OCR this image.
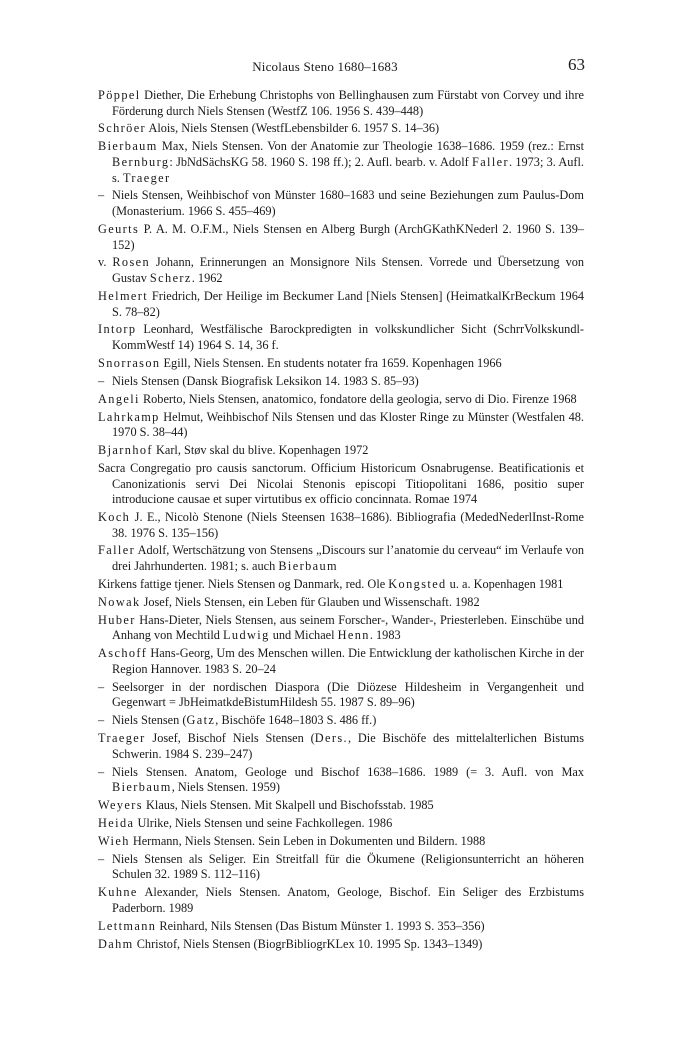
Nicolaus Steno 1680–1683	63

Pöppel Diether, Die Erhebung Christophs von Bellinghausen zum Fürstabt von Corvey und ihre Förderung durch Niels Stensen (WestfZ 106. 1956 S. 439–448)

Schröer Alois, Niels Stensen (WestfLebensbilder 6. 1957 S. 14–36)

Bierbaum Max, Niels Stensen. Von der Anatomie zur Theologie 1638–1686. 1959 (rez.: Ernst Bernburg: JbNdSächsKG 58. 1960 S. 198 ff.); 2. Aufl. bearb. v. Adolf Faller. 1973; 3. Aufl. s. Traeger

– Niels Stensen, Weihbischof von Münster 1680–1683 und seine Beziehungen zum Paulus-Dom (Monasterium. 1966 S. 455–469)

Geurts P. A. M. O.F.M., Niels Stensen en Alberg Burgh (ArchGKathKNederl 2. 1960 S. 139–152)

v. Rosen Johann, Erinnerungen an Monsignore Nils Stensen. Vorrede und Übersetzung von Gustav Scherz. 1962

Helmert Friedrich, Der Heilige im Beckumer Land [Niels Stensen] (HeimatkalKrBeckum 1964 S. 78–82)

Intorp Leonhard, Westfälische Barockpredigten in volkskundlicher Sicht (SchrrVolkskundl-KommWestf 14) 1964 S. 14, 36 f.

Snorrason Egill, Niels Stensen. En students notater fra 1659. Kopenhagen 1966

– Niels Stensen (Dansk Biografisk Leksikon 14. 1983 S. 85–93)

Angeli Roberto, Niels Stensen, anatomico, fondatore della geologia, servo di Dio. Firenze 1968

Lahrkamp Helmut, Weihbischof Nils Stensen und das Kloster Ringe zu Münster (Westfalen 48. 1970 S. 38–44)

Bjarnhof Karl, Støv skal du blive. Kopenhagen 1972

Sacra Congregatio pro causis sanctorum. Officium Historicum Osnabrugense. Beatificationis et Canonizationis servi Dei Nicolai Stenonis episcopi Titiopolitani 1686, positio super introducione causae et super virtutibus ex officio concinnata. Romae 1974

Koch J. E., Nicolò Stenone (Niels Steensen 1638–1686). Bibliografia (MededNederlInst-Rome 38. 1976 S. 135–156)

Faller Adolf, Wertschätzung von Stensens „Discours sur l’anatomie du cerveau“ im Verlaufe von drei Jahrhunderten. 1981; s. auch Bierbaum

Kirkens fattige tjener. Niels Stensen og Danmark, red. Ole Kongsted u. a. Kopenhagen 1981

Nowak Josef, Niels Stensen, ein Leben für Glauben und Wissenschaft. 1982

Huber Hans-Dieter, Niels Stensen, aus seinem Forscher-, Wander-, Priesterleben. Einschübe und Anhang von Mechtild Ludwig und Michael Henn. 1983

Aschoff Hans-Georg, Um des Menschen willen. Die Entwicklung der katholischen Kirche in der Region Hannover. 1983 S. 20–24

– Seelsorger in der nordischen Diaspora (Die Diözese Hildesheim in Vergangenheit und Gegenwart = JbHeimatkdeBistumHildesh 55. 1987 S. 89–96)

– Niels Stensen (Gatz, Bischöfe 1648–1803 S. 486 ff.)

Traeger Josef, Bischof Niels Stensen (Ders., Die Bischöfe des mittelalterlichen Bistums Schwerin. 1984 S. 239–247)

– Niels Stensen. Anatom, Geologe und Bischof 1638–1686. 1989 (= 3. Aufl. von Max Bierbaum, Niels Stensen. 1959)

Weyers Klaus, Niels Stensen. Mit Skalpell und Bischofsstab. 1985

Heida Ulrike, Niels Stensen und seine Fachkollegen. 1986

Wieh Hermann, Niels Stensen. Sein Leben in Dokumenten und Bildern. 1988

– Niels Stensen als Seliger. Ein Streitfall für die Ökumene (Religionsunterricht an höheren Schulen 32. 1989 S. 112–116)

Kuhne Alexander, Niels Stensen. Anatom, Geologe, Bischof. Ein Seliger des Erzbistums Paderborn. 1989

Lettmann Reinhard, Nils Stensen (Das Bistum Münster 1. 1993 S. 353–356)

Dahm Christof, Niels Stensen (BiogrBibliogrKLex 10. 1995 Sp. 1343–1349)
